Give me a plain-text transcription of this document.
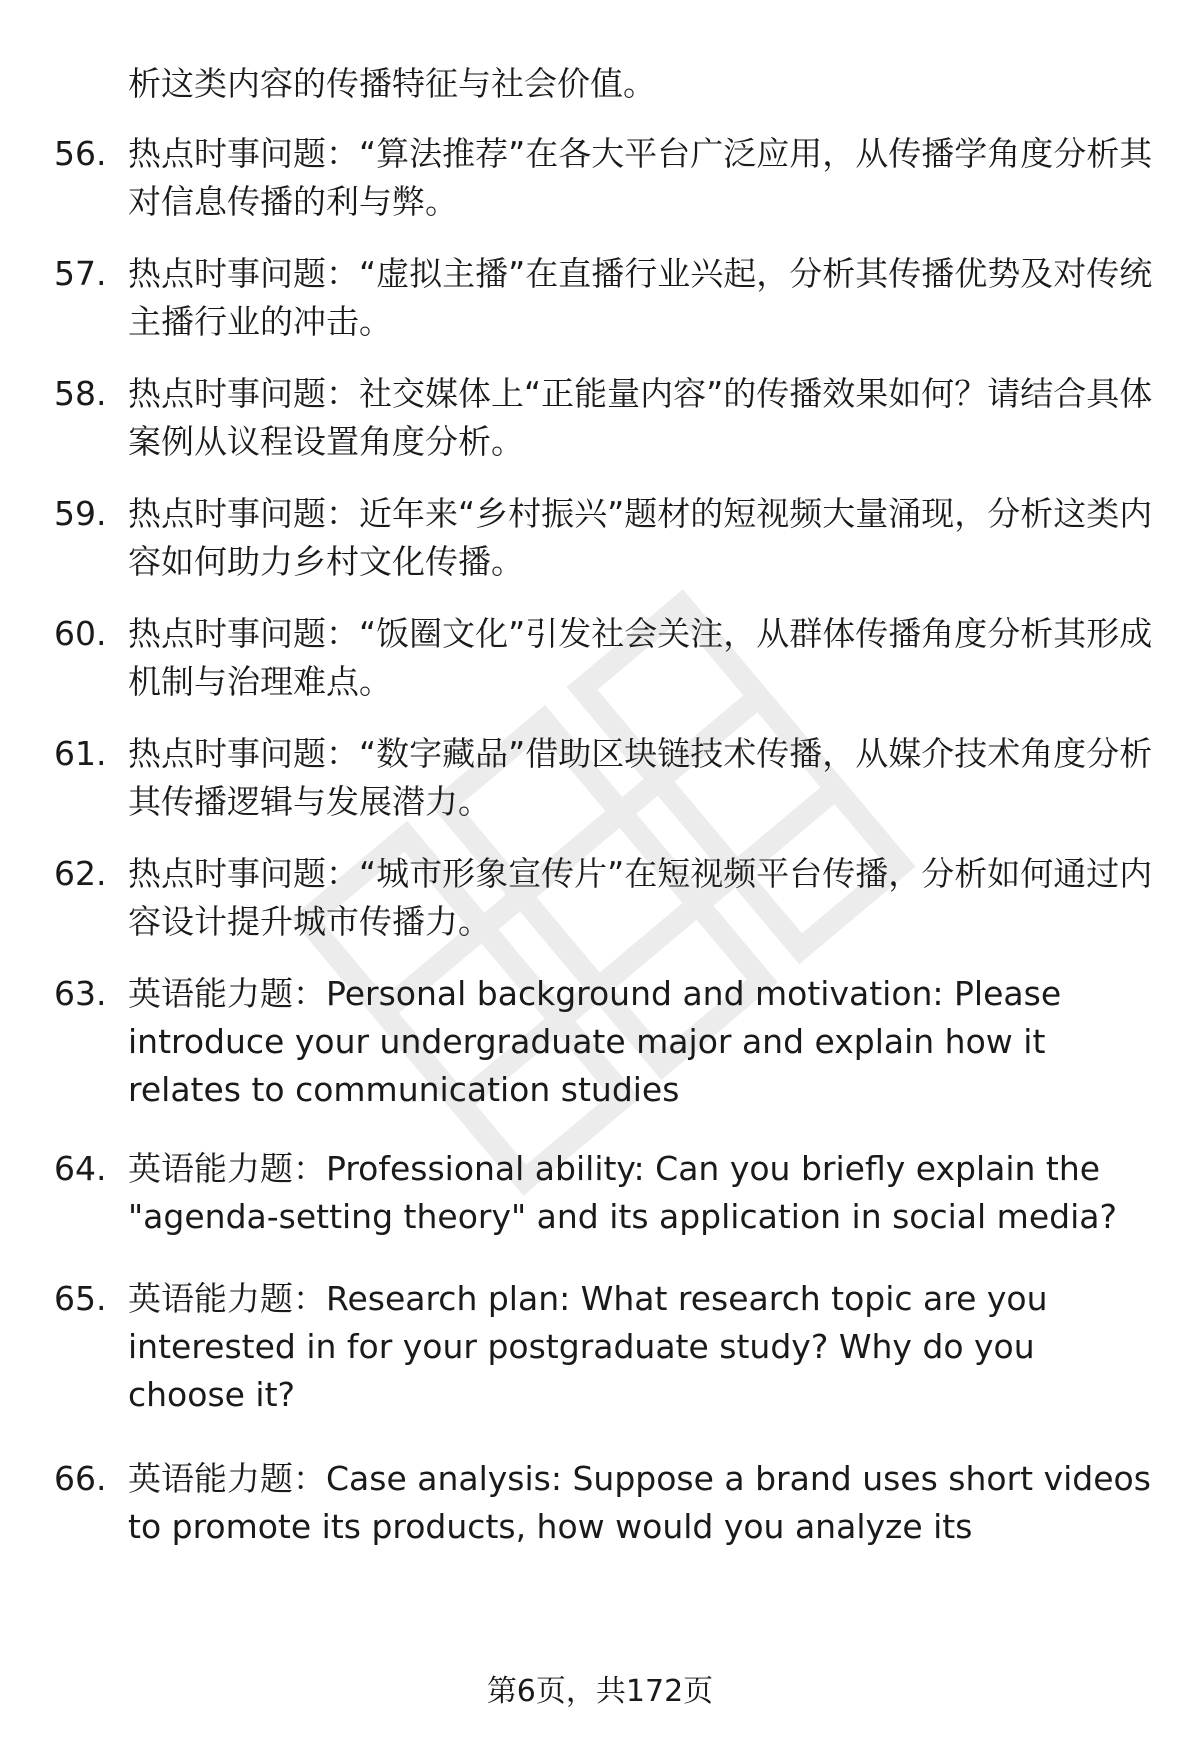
析这类内容的传播特征与社会价值。
56. 热点时事问题：“算法推荐”在各大平台广泛应用，从传播学角度分析其对信息传播的利与弊。
57. 热点时事问题：“虚拟主播”在直播行业兴起，分析其传播优势及对传统主播行业的冲击。
58. 热点时事问题：社交媒体上“正能量内容”的传播效果如何？请结合具体案例从议程设置角度分析。
59. 热点时事问题：近年来“乡村振兴”题材的短视频大量涌现，分析这类内容如何助力乡村文化传播。
60. 热点时事问题：“饭圈文化”引发社会关注，从群体传播角度分析其形成机制与治理难点。
61. 热点时事问题：“数字藏品”借助区块链技术传播，从媒介技术角度分析其传播逻辑与发展潜力。
62. 热点时事问题：“城市形象宣传片”在短视频平台传播，分析如何通过内容设计提升城市传播力。
63. 英语能力题：Personal background and motivation: Please introduce your undergraduate major and explain how it relates to communication studies
64. 英语能力题：Professional ability: Can you briefly explain the "agenda-setting theory" and its application in social media?
65. 英语能力题：Research plan: What research topic are you interested in for your postgraduate study? Why do you choose it?
66. 英语能力题：Case analysis: Suppose a brand uses short videos to promote its products, how would you analyze its
第6页，共172页
